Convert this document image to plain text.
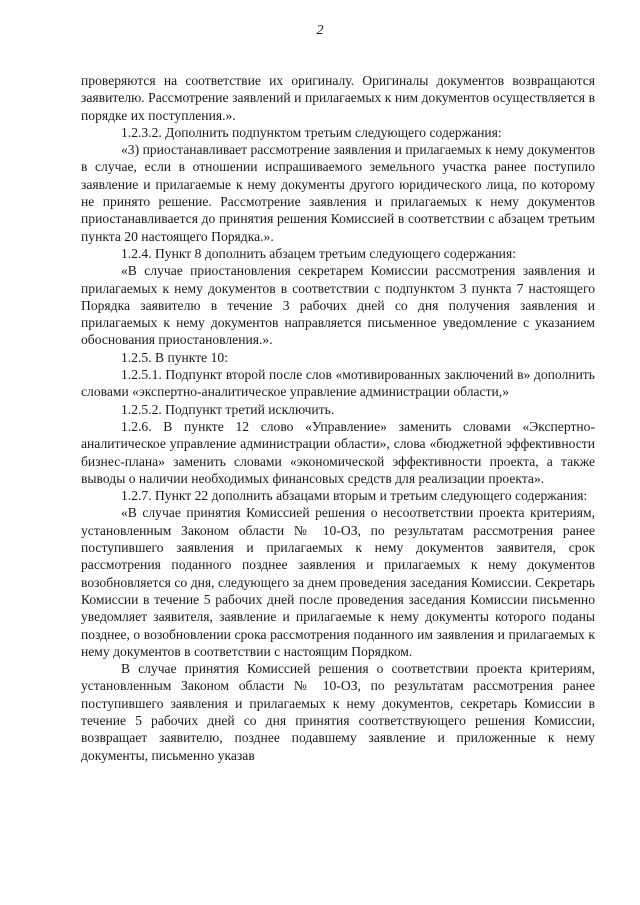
2

проверяются на соответствие их оригиналу. Оригиналы документов возвращаются заявителю. Рассмотрение заявлений и прилагаемых к ним документов осуществляется в порядке их поступления.».

1.2.3.2. Дополнить подпунктом третьим следующего содержания:

«3) приостанавливает рассмотрение заявления и прилагаемых к нему документов в случае, если в отношении испрашиваемого земельного участка ранее поступило заявление и прилагаемые к нему документы другого юридического лица, по которому не принято решение. Рассмотрение заявления и прилагаемых к нему документов приостанавливается до принятия решения Комиссией в соответствии с абзацем третьим пункта 20 настоящего Порядка.».

1.2.4. Пункт 8 дополнить абзацем третьим следующего содержания:

«В случае приостановления секретарем Комиссии рассмотрения заявления и прилагаемых к нему документов в соответствии с подпунктом 3 пункта 7 настоящего Порядка заявителю в течение 3 рабочих дней со дня получения заявления и прилагаемых к нему документов направляется письменное уведомление с указанием обоснования приостановления.».

1.2.5. В пункте 10:

1.2.5.1. Подпункт второй после слов «мотивированных заключений в» дополнить словами «экспертно-аналитическое управление администрации области,»

1.2.5.2. Подпункт третий исключить.

1.2.6. В пункте 12 слово «Управление» заменить словами «Экспертно-аналитическое управление администрации области», слова «бюджетной эффективности бизнес-плана» заменить словами «экономической эффективности проекта, а также выводы о наличии необходимых финансовых средств для реализации проекта».

1.2.7. Пункт 22 дополнить абзацами вторым и третьим следующего содержания:

«В случае принятия Комиссией решения о несоответствии проекта критериям, установленным Законом области № 10-ОЗ, по результатам рассмотрения ранее поступившего заявления и прилагаемых к нему документов заявителя, срок рассмотрения поданного позднее заявления и прилагаемых к нему документов возобновляется со дня, следующего за днем проведения заседания Комиссии. Секретарь Комиссии в течение 5 рабочих дней после проведения заседания Комиссии письменно уведомляет заявителя, заявление и прилагаемые к нему документы которого поданы позднее, о возобновлении срока рассмотрения поданного им заявления и прилагаемых к нему документов в соответствии с настоящим Порядком.

В случае принятия Комиссией решения о соответствии проекта критериям, установленным Законом области № 10-ОЗ, по результатам рассмотрения ранее поступившего заявления и прилагаемых к нему документов, секретарь Комиссии в течение 5 рабочих дней со дня принятия соответствующего решения Комиссии, возвращает заявителю, позднее подавшему заявление и приложенные к нему документы, письменно указав
